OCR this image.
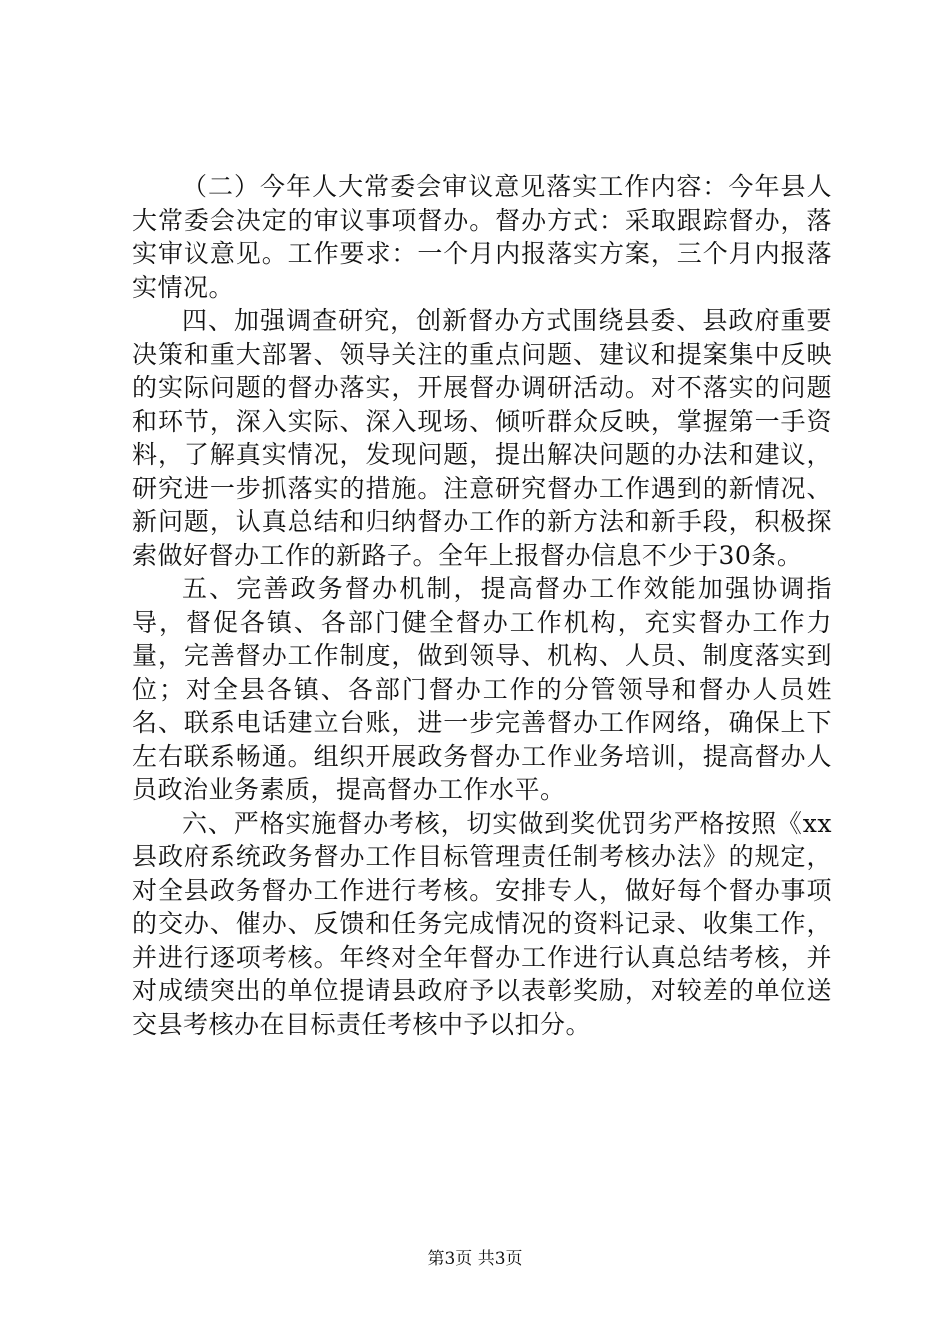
（二）今年人大常委会审议意见落实工作内容：今年县人大常委会决定的审议事项督办。督办方式：采取跟踪督办，落实审议意见。工作要求：一个月内报落实方案，三个月内报落实情况。

四、加强调查研究，创新督办方式围绕县委、县政府重要决策和重大部署、领导关注的重点问题、建议和提案集中反映的实际问题的督办落实，开展督办调研活动。对不落实的问题和环节，深入实际、深入现场、倾听群众反映，掌握第一手资料，了解真实情况，发现问题，提出解决问题的办法和建议，研究进一步抓落实的措施。注意研究督办工作遇到的新情况、新问题，认真总结和归纳督办工作的新方法和新手段，积极探索做好督办工作的新路子。全年上报督办信息不少于30条。

五、完善政务督办机制，提高督办工作效能加强协调指导，督促各镇、各部门健全督办工作机构，充实督办工作力量，完善督办工作制度，做到领导、机构、人员、制度落实到位；对全县各镇、各部门督办工作的分管领导和督办人员姓名、联系电话建立台账，进一步完善督办工作网络，确保上下左右联系畅通。组织开展政务督办工作业务培训，提高督办人员政治业务素质，提高督办工作水平。

六、严格实施督办考核，切实做到奖优罚劣严格按照《xx县政府系统政务督办工作目标管理责任制考核办法》的规定，对全县政务督办工作进行考核。安排专人，做好每个督办事项的交办、催办、反馈和任务完成情况的资料记录、收集工作，并进行逐项考核。年终对全年督办工作进行认真总结考核，并对成绩突出的单位提请县政府予以表彰奖励，对较差的单位送交县考核办在目标责任考核中予以扣分。

第3页 共3页
